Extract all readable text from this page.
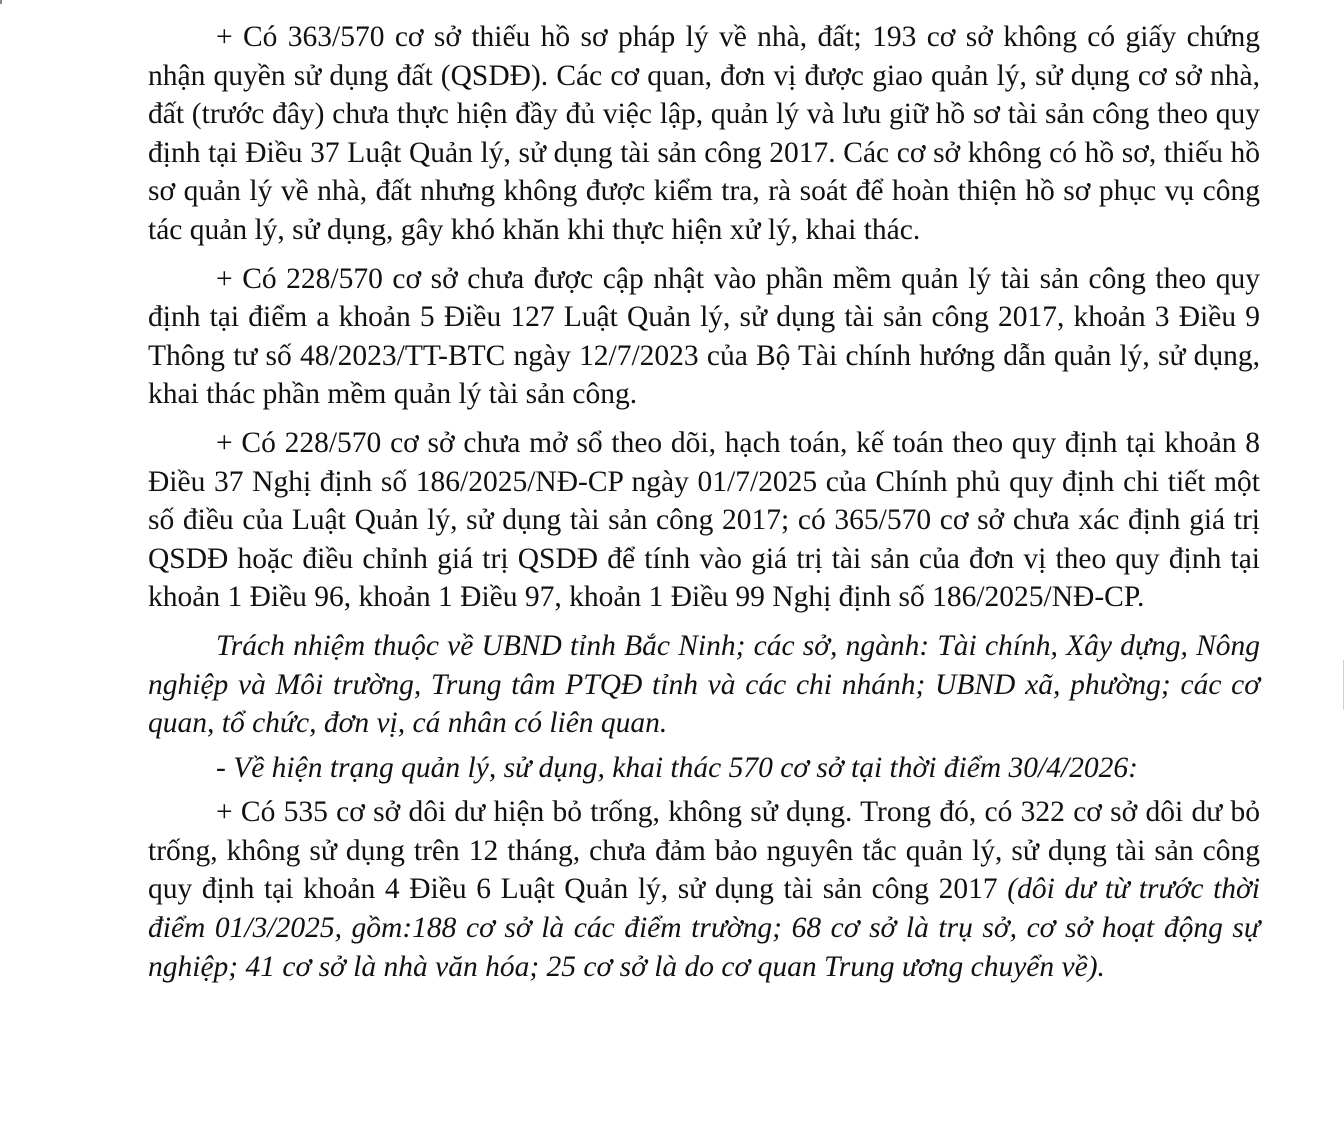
+ Có 363/570 cơ sở thiếu hồ sơ pháp lý về nhà, đất; 193 cơ sở không có giấy chứng nhận quyền sử dụng đất (QSDĐ). Các cơ quan, đơn vị được giao quản lý, sử dụng cơ sở nhà, đất (trước đây) chưa thực hiện đầy đủ việc lập, quản lý và lưu giữ hồ sơ tài sản công theo quy định tại Điều 37 Luật Quản lý, sử dụng tài sản công 2017. Các cơ sở không có hồ sơ, thiếu hồ sơ quản lý về nhà, đất nhưng không được kiểm tra, rà soát để hoàn thiện hồ sơ phục vụ công tác quản lý, sử dụng, gây khó khăn khi thực hiện xử lý, khai thác.

+ Có 228/570 cơ sở chưa được cập nhật vào phần mềm quản lý tài sản công theo quy định tại điểm a khoản 5 Điều 127 Luật Quản lý, sử dụng tài sản công 2017, khoản 3 Điều 9 Thông tư số 48/2023/TT-BTC ngày 12/7/2023 của Bộ Tài chính hướng dẫn quản lý, sử dụng, khai thác phần mềm quản lý tài sản công.

+ Có 228/570 cơ sở chưa mở sổ theo dõi, hạch toán, kế toán theo quy định tại khoản 8 Điều 37 Nghị định số 186/2025/NĐ-CP ngày 01/7/2025 của Chính phủ quy định chi tiết một số điều của Luật Quản lý, sử dụng tài sản công 2017; có 365/570 cơ sở chưa xác định giá trị QSDĐ hoặc điều chỉnh giá trị QSDĐ để tính vào giá trị tài sản của đơn vị theo quy định tại khoản 1 Điều 96, khoản 1 Điều 97, khoản 1 Điều 99 Nghị định số 186/2025/NĐ-CP.

Trách nhiệm thuộc về UBND tỉnh Bắc Ninh; các sở, ngành: Tài chính, Xây dựng, Nông nghiệp và Môi trường, Trung tâm PTQĐ tỉnh và các chi nhánh; UBND xã, phường; các cơ quan, tổ chức, đơn vị, cá nhân có liên quan.

- Về hiện trạng quản lý, sử dụng, khai thác 570 cơ sở tại thời điểm 30/4/2026:

+ Có 535 cơ sở dôi dư hiện bỏ trống, không sử dụng. Trong đó, có 322 cơ sở dôi dư bỏ trống, không sử dụng trên 12 tháng, chưa đảm bảo nguyên tắc quản lý, sử dụng tài sản công quy định tại khoản 4 Điều 6 Luật Quản lý, sử dụng tài sản công 2017 (dôi dư từ trước thời điểm 01/3/2025, gồm:188 cơ sở là các điểm trường; 68 cơ sở là trụ sở, cơ sở hoạt động sự nghiệp; 41 cơ sở là nhà văn hóa; 25 cơ sở là do cơ quan Trung ương chuyển về).
